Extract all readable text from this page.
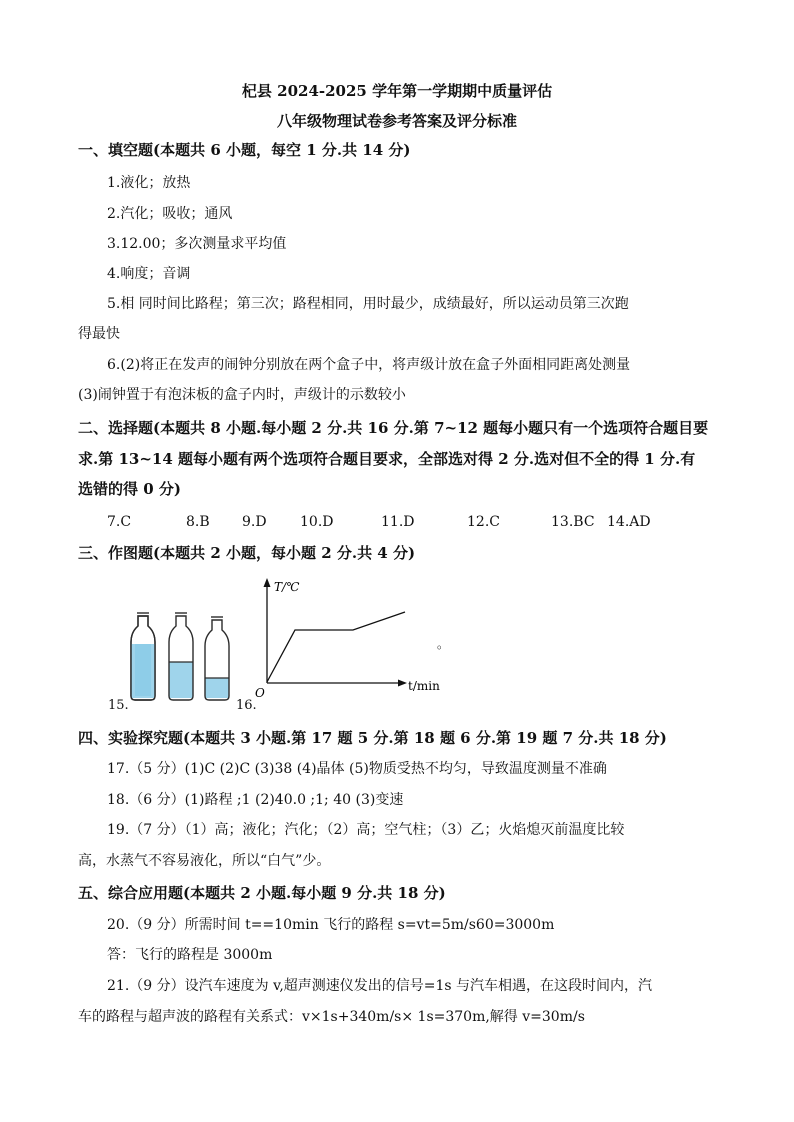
杞县 2024-2025 学年第一学期期中质量评估
八年级物理试卷参考答案及评分标准
一、填空题(本题共 6 小题，每空 1 分.共 14 分)
1.液化；放热
2.汽化；吸收；通风
3.12.00；多次测量求平均值
4.响度；音调
5.相 同时间比路程；第三次；路程相同，用时最少，成绩最好，所以运动员第三次跑
得最快
6.(2)将正在发声的闹钟分别放在两个盒子中，将声级计放在盒子外面相同距离处测量
(3)闹钟置于有泡沫板的盒子内时，声级计的示数较小
二、选择题(本题共 8 小题.每小题 2 分.共 16 分.第 7~12 题每小题只有一个选项符合题目要
求.第 13~14 题每小题有两个选项符合题目要求，全部选对得 2 分.选对但不全的得 1 分.有
选错的得 0 分)
7.C	8.B 9.D 10.D	11.D	12.C	13.BC 14.AD
三、作图题(本题共 2 小题，每小题 2 分.共 4 分)
15.
T/℃
t/min
O
。
16.
四、实验探究题(本题共 3 小题.第 17 题 5 分.第 18 题 6 分.第 19 题 7 分.共 18 分)
17.（5 分）(1)C (2)C (3)38 (4)晶体 (5)物质受热不均匀，导致温度测量不准确
18.（6 分）(1)路程 ;1 (2)40.0 ;1; 40 (3)变速
19.（7 分）（1）高；液化；汽化；（2）高；空气柱；（3）乙；火焰熄灭前温度比较
高，水蒸气不容易液化，所以“白气”少。
五、综合应用题(本题共 2 小题.每小题 9 分.共 18 分)
20.（9 分）所需时间 t==10min 飞行的路程 s=vt=5m/s60=3000m
答：飞行的路程是 3000m
21.（9 分）设汽车速度为 v,超声测速仪发出的信号=1s 与汽车相遇，在这段时间内，汽
车的路程与超声波的路程有关系式：v×1s+340m/s× 1s=370m,解得 v=30m/s
